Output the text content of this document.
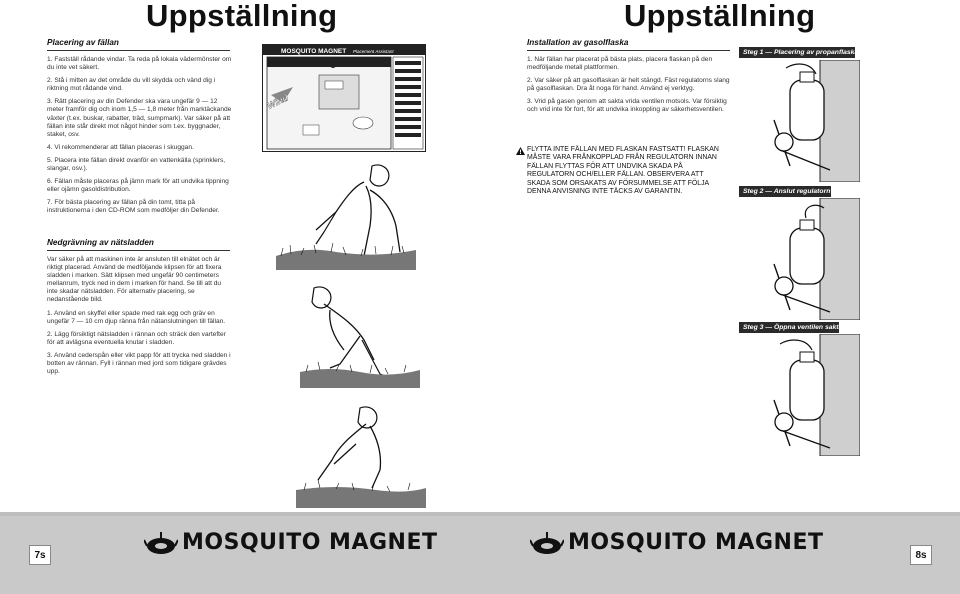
Uppställning	Uppställning
Placering av fällan

1. Fastställ rådande vindar. Ta reda på lokala vädermönster om du inte vet säkert.

2. Stå i mitten av det område du vill skydda och vänd dig i riktning mot rådande vind.

3. Rätt placering av din Defender ska vara ungefär 9 — 12 meter framför dig och inom 1,5 — 1,8 meter från marktäckande växter (t.ex. buskar, rabatter, träd, sumpmark). Var säker på att fällan inte står direkt mot något hinder som t.ex. byggnader, staket, osv.

4. Vi rekommenderar att fällan placeras i skuggan.

5. Placera inte fällan direkt ovanför en vattenkälla (sprinklers, slangar, osv.).

6. Fällan måste placeras på jämn mark för att undvika tippning eller ojämn gasoldistribution.

7. För bästa placering av fällan på din tomt, titta på instruktionerna i den CD-ROM som medföljer din Defender.

Nedgrävning av nätsladden

Var säker på att maskinen inte är ansluten till elnätet och är riktigt placerad. Använd de medföljande klipsen för att fixera sladden i marken. Sätt klipsen med ungefär 90 centimeters mellanrum, tryck ned in dem i marken för hand. Se till att du inte skadar nätsladden. För alternativ placering, se nedanstående bild.

1. Använd en skyffel eller spade med rak egg och gräv en ungefär 7 — 10 cm djup ränna från nätanslutningen till fällan.

2. Lägg försiktigt nätsladden i rännan och sträck den vartefter för att avlägsna eventuella knutar i sladden.

3. Använd cederspån eller vikt papp för att trycka ned sladden i botten av rännan. Fyll i rännan med jord som tidigare grävdes upp.

MOSQUITO MAGNET Placement Assistant
Wind
Installation av gasolflaska

1. När fällan har placerat på bästa plats, placera flaskan på den medföljande metall plattformen.

2. Var säker på att gasolflaskan är helt stängd. Fäst regulatorns slang på gasolflaskan. Dra åt noga för hand. Använd ej verktyg.

3. Vrid på gasen genom att sakta vrida ventilen motsols. Var försiktig och vrid inte för fort, för att undvika inkoppling av säkerhetsventilen.

FLYTTA INTE FÄLLAN MED FLASKAN FASTSATT! FLASKAN MÅSTE VARA FRÅNKOPPLAD FRÅN REGULATORN INNAN FÄLLAN FLYTTAS FÖR ATT UNDVIKA SKADA PÅ REGULATORN OCH/ELLER FÄLLAN. OBSERVERA ATT SKADA SOM ORSAKATS AV FÖRSUMMELSE ATT FÖLJA DENNA ANVISNING INTE TÄCKS AV GARANTIN.
Steg 1 — Placering av propanflaska
Steg 2 — Anslut regulatorn
Steg 3 — Öppna ventilen sakta
7s	8s
MOSQUITO MAGNET	MOSQUITO MAGNET
